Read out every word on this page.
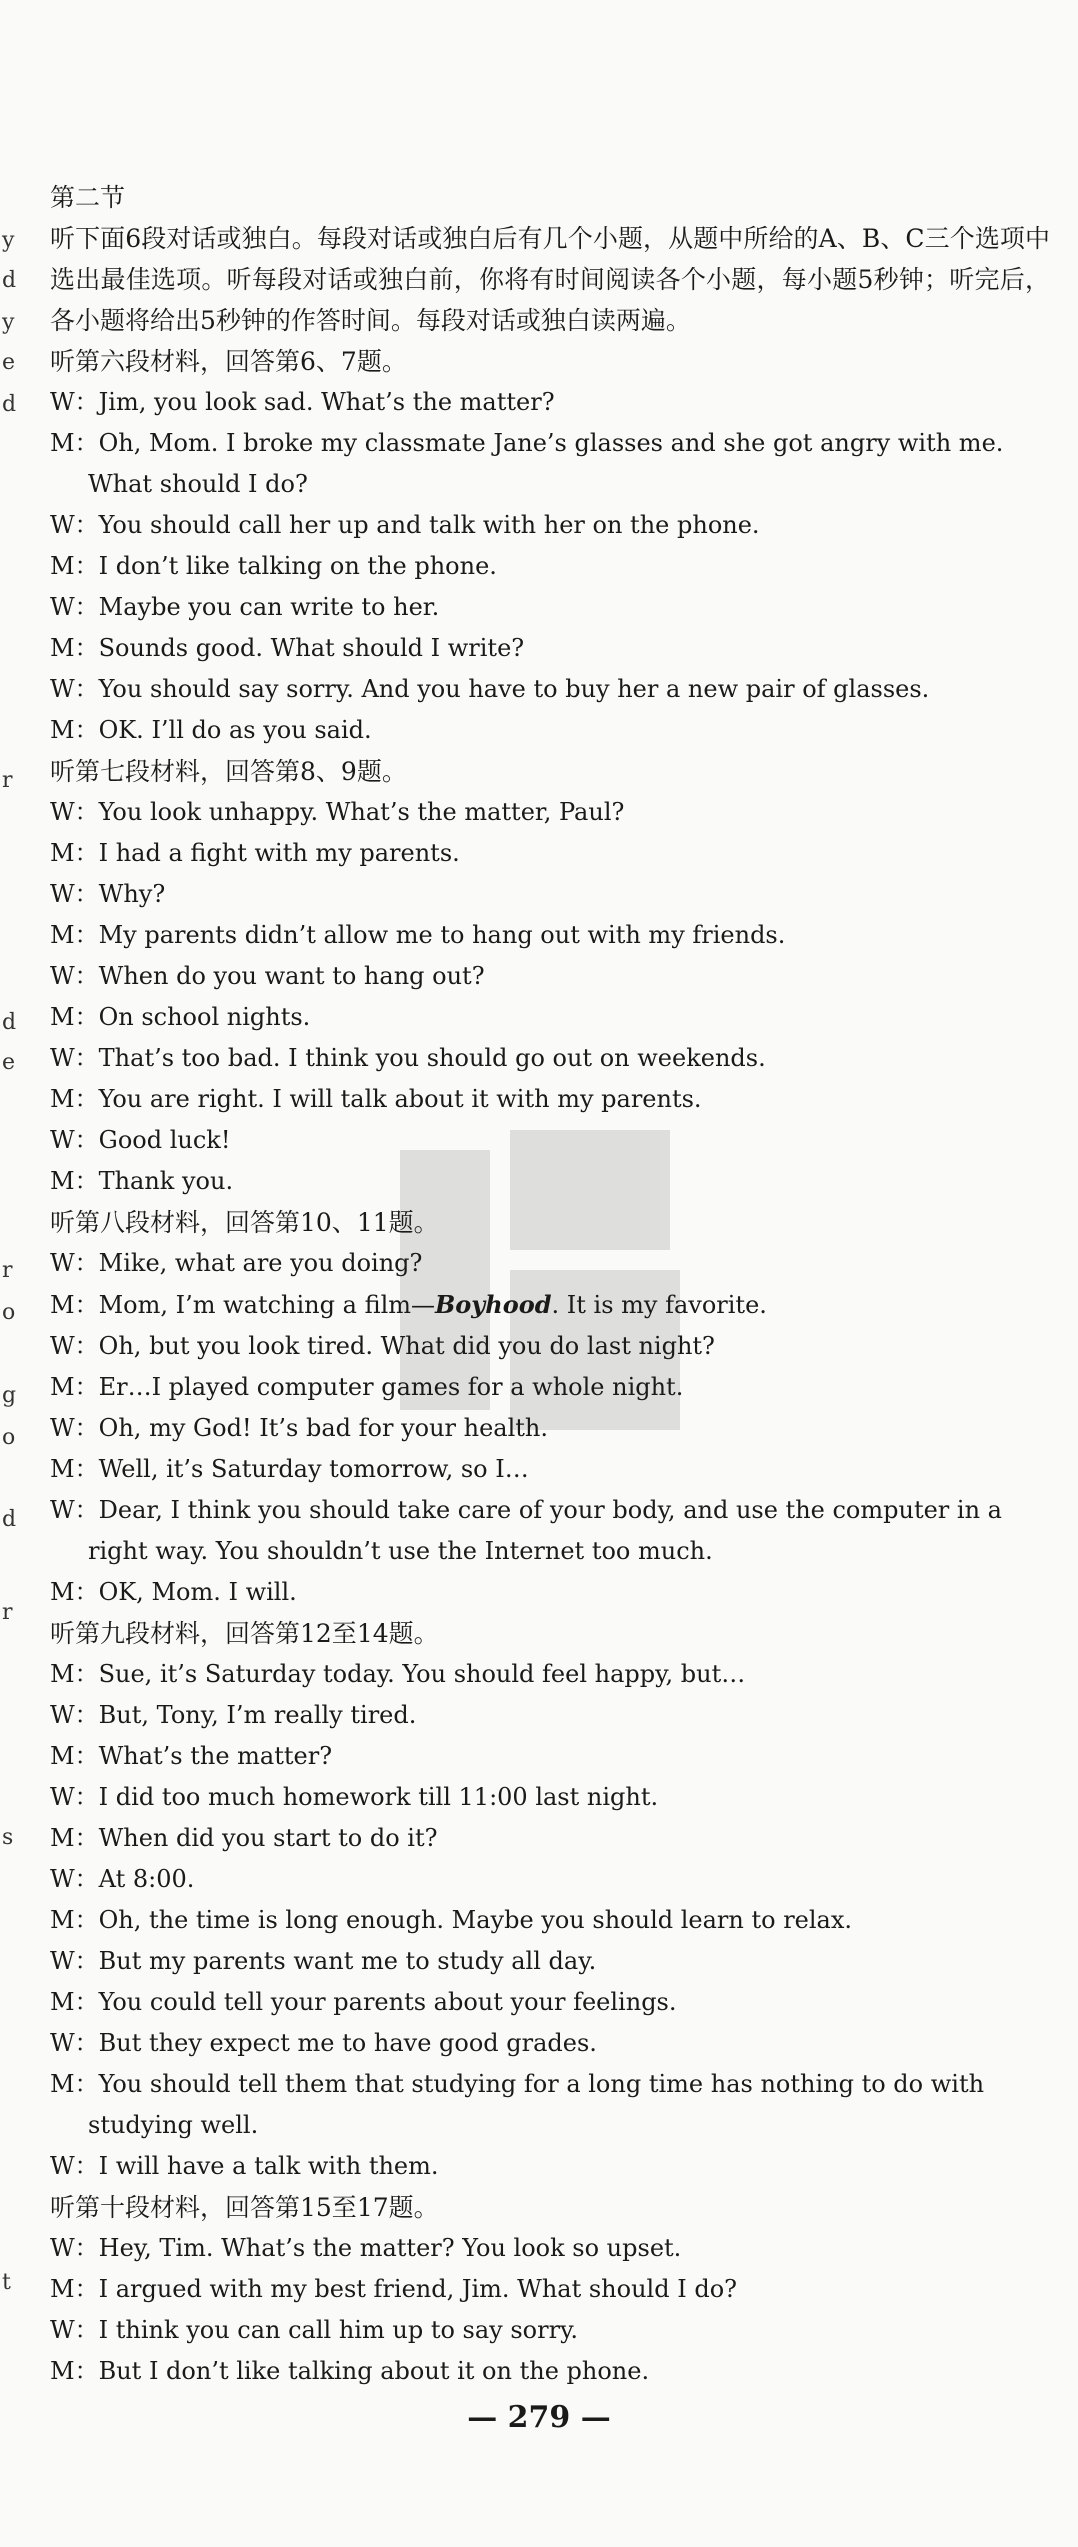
y
d
y
e
d
r
d
e
r
o
g
o
d
r
s
t

第二节

听下面6段对话或独白。每段对话或独白后有几个小题，从题中所给的A、B、C三个选项中选出最佳选项。听每段对话或独白前，你将有时间阅读各个小题，每小题5秒钟；听完后，各小题将给出5秒钟的作答时间。每段对话或独白读两遍。

听第六段材料，回答第6、7题。

W：Jim, you look sad. What’s the matter?

M：Oh, Mom. I broke my classmate Jane’s glasses and she got angry with me. What should I do?

W：You should call her up and talk with her on the phone.

M：I don’t like talking on the phone.

W：Maybe you can write to her.

M：Sounds good. What should I write?

W：You should say sorry. And you have to buy her a new pair of glasses.

M：OK. I’ll do as you said.

听第七段材料，回答第8、9题。

W：You look unhappy. What’s the matter, Paul?

M：I had a fight with my parents.

W：Why?

M：My parents didn’t allow me to hang out with my friends.

W：When do you want to hang out?

M：On school nights.

W：That’s too bad. I think you should go out on weekends.

M：You are right. I will talk about it with my parents.

W：Good luck!

M：Thank you.

听第八段材料，回答第10、11题。

W：Mike, what are you doing?

M：Mom, I’m watching a film—Boyhood. It is my favorite.

W：Oh, but you look tired. What did you do last night?

M：Er…I played computer games for a whole night.

W：Oh, my God! It’s bad for your health.

M：Well, it’s Saturday tomorrow, so I…

W：Dear, I think you should take care of your body, and use the computer in a right way. You shouldn’t use the Internet too much.

M：OK, Mom. I will.

听第九段材料，回答第12至14题。

M：Sue, it’s Saturday today. You should feel happy, but…

W：But, Tony, I’m really tired.

M：What’s the matter?

W：I did too much homework till 11:00 last night.

M：When did you start to do it?

W：At 8:00.

M：Oh, the time is long enough. Maybe you should learn to relax.

W：But my parents want me to study all day.

M：You could tell your parents about your feelings.

W：But they expect me to have good grades.

M：You should tell them that studying for a long time has nothing to do with studying well.

W：I will have a talk with them.

听第十段材料，回答第15至17题。

W：Hey, Tim. What’s the matter? You look so upset.

M：I argued with my best friend, Jim. What should I do?

W：I think you can call him up to say sorry.

M：But I don’t like talking about it on the phone.

— 279 —
